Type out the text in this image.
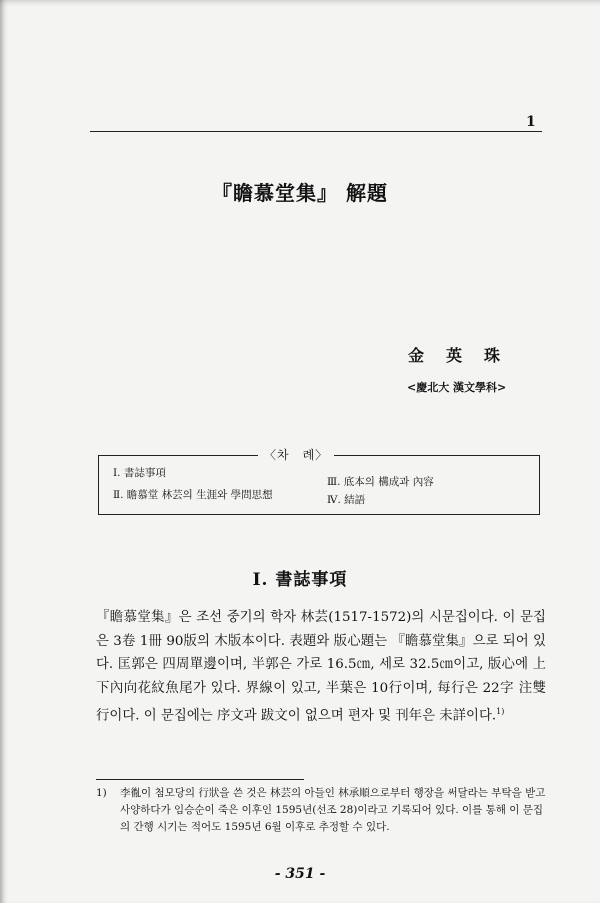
1
『瞻慕堂集』 解題
金英珠
<慶北大 漢文學科>
〈차　례〉
Ⅰ. 書誌事項
Ⅱ. 瞻慕堂 林芸의 生涯와 學問思想
Ⅲ. 底本의 構成과 內容
Ⅳ. 結語
Ⅰ. 書誌事項
『瞻慕堂集』은 조선 중기의 학자 林芸(1517-1572)의 시문집이다. 이 문집은 3卷 1冊 90版의 木版本이다. 表題와 版心題는 『瞻慕堂集』으로 되어 있다. 匡郭은 四周單邊이며, 半郭은 가로 16.5㎝, 세로 32.5㎝이고, 版心에 上下內向花紋魚尾가 있다. 界線이 있고, 半葉은 10行이며, 每行은 22字 注雙行이다. 이 문집에는 序文과 跋文이 없으며 편자 및 刊年은 未詳이다.$^{1)}$
1)	李㣧이 첨모당의 行狀을 쓴 것은 林芸의 아들인 林承順으로부터 행장을 써달라는 부탁을 받고 사양하다가 임승순이 죽은 이후인 1595년(선조 28)이라고 기록되어 있다. 이를 통해 이 문집의 간행 시기는 적어도 1595년 6월 이후로 추정할 수 있다.
- 351 -
